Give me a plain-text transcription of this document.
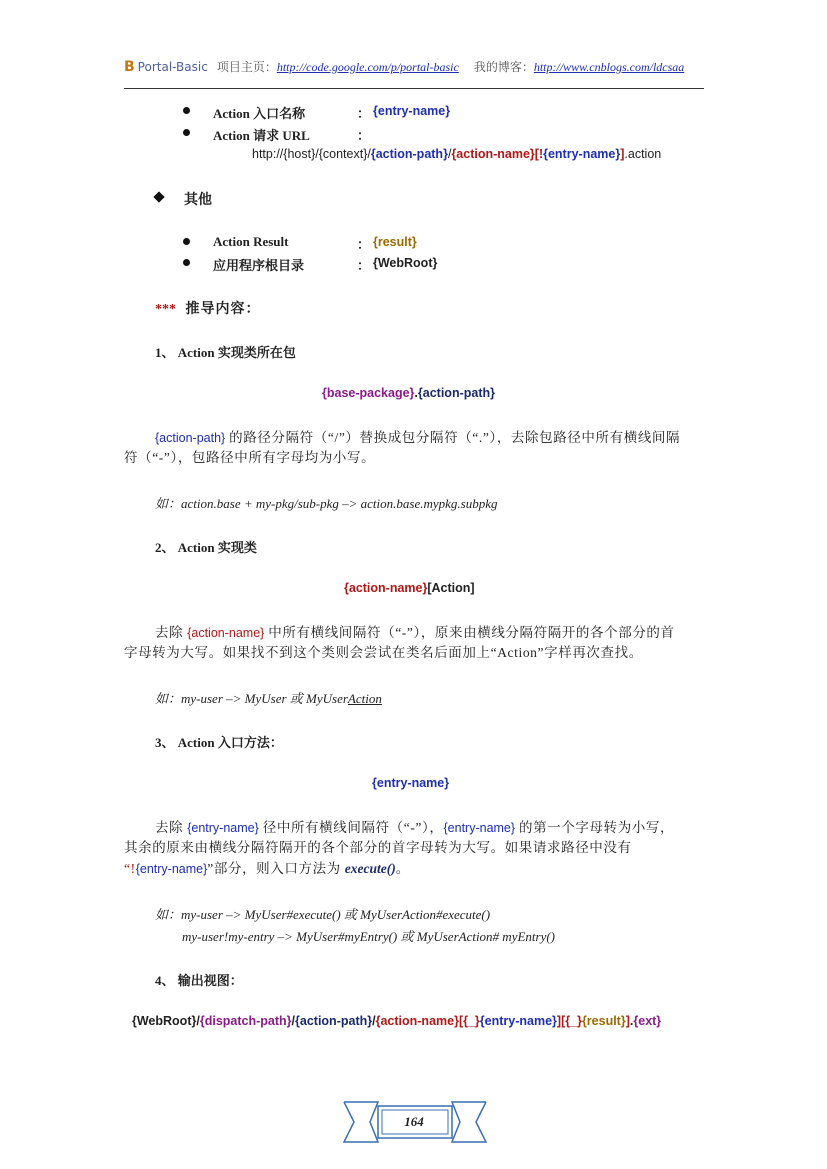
B Portal-Basic 项目主页：http://code.google.com/p/portal-basic 我的博客：http://www.cnblogs.com/ldcsaa
Action 入口名称	： {entry-name}
Action 请求 URL	：
http://{host}/{context}/{action-path}/{action-name}[!{entry-name}].action
其他
Action Result	： {result}
应用程序根目录	： {WebRoot}
*** 推导内容：
1、 Action 实现类所在包
{base-package}.{action-path}
{action-path} 的路径分隔符（“/”）替换成包分隔符（“.”），去除包路径中所有横线间隔
符（“-”），包路径中所有字母均为小写。
如：action.base + my-pkg/sub-pkg –> action.base.mypkg.subpkg
2、 Action 实现类
{action-name}[Action]
去除 {action-name} 中所有横线间隔符（“-”），原来由横线分隔符隔开的各个部分的首
字母转为大写。如果找不到这个类则会尝试在类名后面加上“Action”字样再次查找。
如：my-user –> MyUser 或 MyUserAction
3、 Action 入口方法：
{entry-name}
去除 {entry-name} 径中所有横线间隔符（“-”），{entry-name} 的第一个字母转为小写，
其余的原来由横线分隔符隔开的各个部分的首字母转为大写。如果请求路径中没有
“!{entry-name}”部分，则入口方法为 execute()。
如：my-user –> MyUser#execute() 或 MyUserAction#execute()
my-user!my-entry –> MyUser#myEntry() 或 MyUserAction# myEntry()
4、 输出视图：
{WebRoot}/{dispatch-path}/{action-path}/{action-name}[{_}{entry-name}][{_}{result}].{ext}
164
